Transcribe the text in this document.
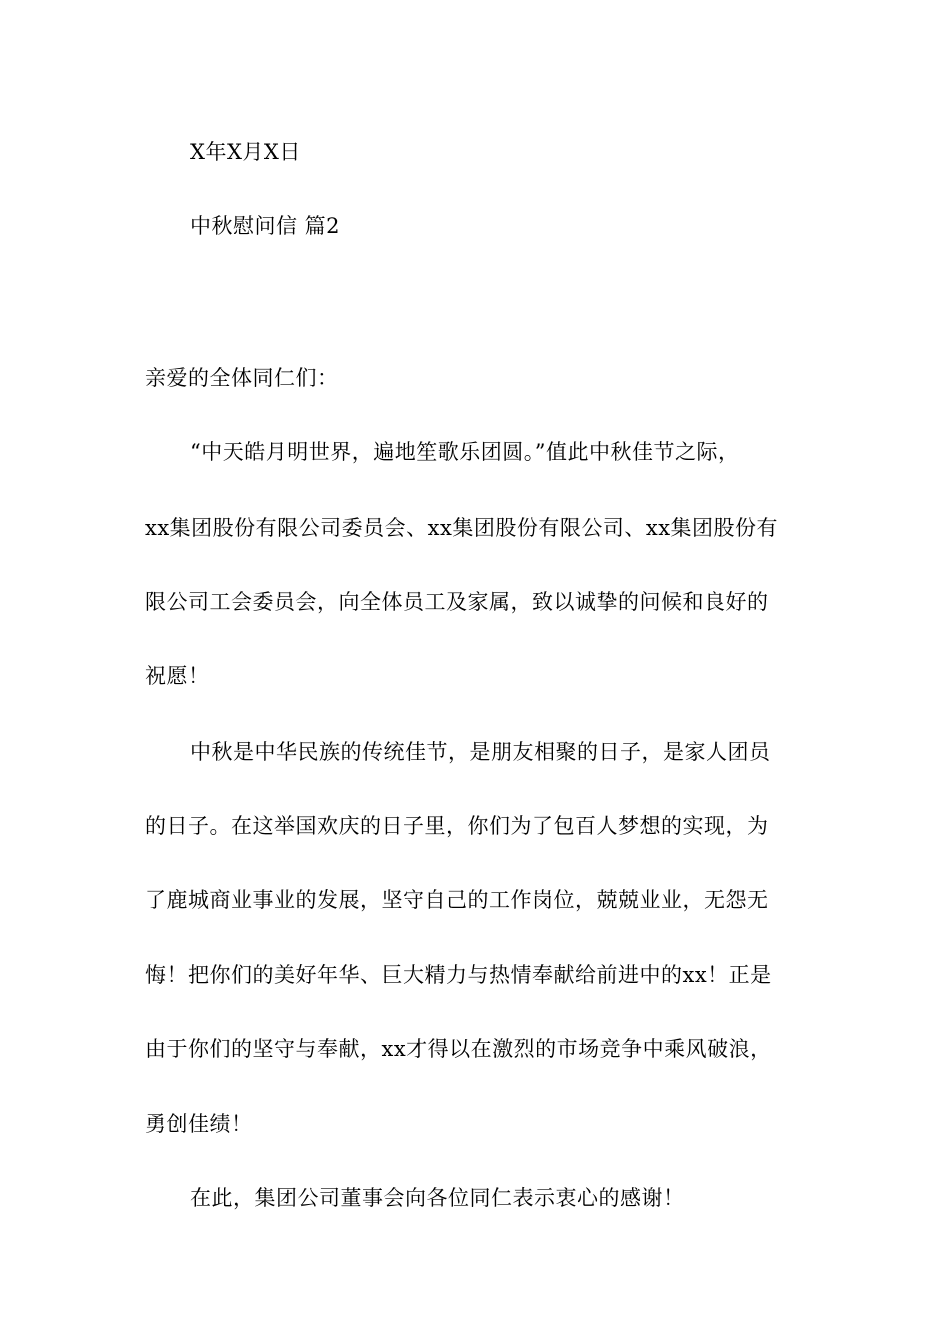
X年X月X日
中秋慰问信 篇2
亲爱的全体同仁们：
“中天皓月明世界，遍地笙歌乐团圆。”值此中秋佳节之际，
xx集团股份有限公司委员会、xx集团股份有限公司、xx集团股份有
限公司工会委员会，向全体员工及家属，致以诚挚的问候和良好的
祝愿！
中秋是中华民族的传统佳节，是朋友相聚的日子，是家人团员
的日子。在这举国欢庆的日子里，你们为了包百人梦想的实现，为
了鹿城商业事业的发展，坚守自己的工作岗位，兢兢业业，无怨无
悔！把你们的美好年华、巨大精力与热情奉献给前进中的xx！正是
由于你们的坚守与奉献，xx才得以在激烈的市场竞争中乘风破浪，
勇创佳绩！
在此，集团公司董事会向各位同仁表示衷心的感谢！
